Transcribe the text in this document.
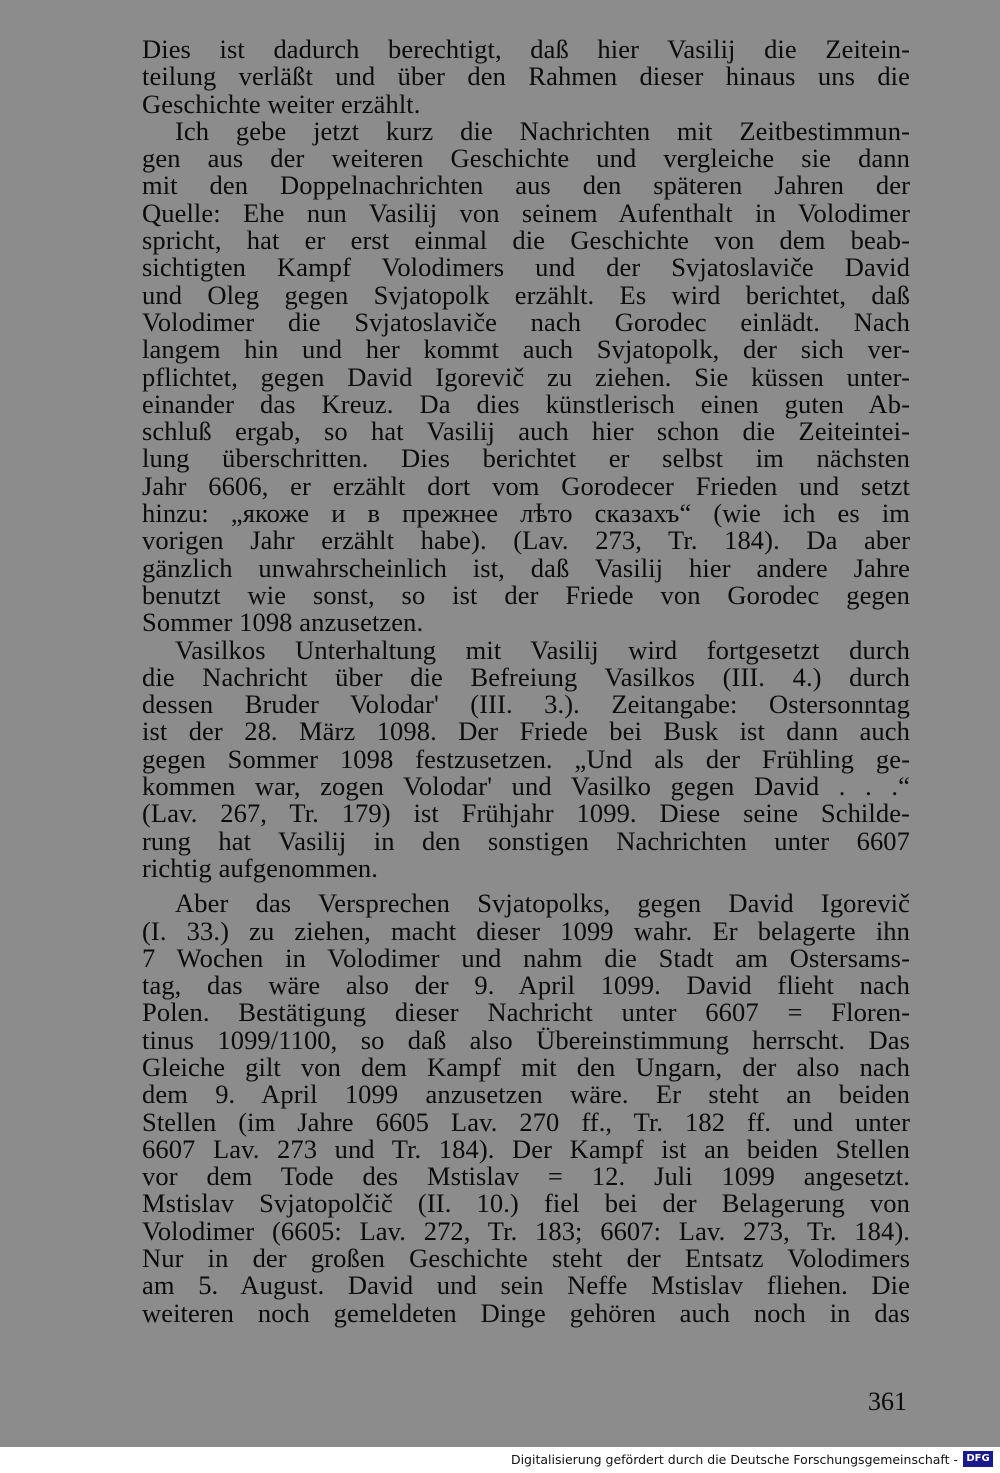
Dies ist dadurch berechtigt, daß hier Vasilij die Zeitein-
teilung verläßt und über den Rahmen dieser hinaus uns die
Geschichte weiter erzählt.
Ich gebe jetzt kurz die Nachrichten mit Zeitbestimmun-
gen aus der weiteren Geschichte und vergleiche sie dann
mit den Doppelnachrichten aus den späteren Jahren der
Quelle: Ehe nun Vasilij von seinem Aufenthalt in Volodimer
spricht, hat er erst einmal die Geschichte von dem beab-
sichtigten Kampf Volodimers und der Svjatoslaviče David
und Oleg gegen Svjatopolk erzählt. Es wird berichtet, daß
Volodimer die Svjatoslaviče nach Gorodec einlädt. Nach
langem hin und her kommt auch Svjatopolk, der sich ver-
pflichtet, gegen David Igorevič zu ziehen. Sie küssen unter-
einander das Kreuz. Da dies künstlerisch einen guten Ab-
schluß ergab, so hat Vasilij auch hier schon die Zeiteintei-
lung überschritten. Dies berichtet er selbst im nächsten
Jahr 6606, er erzählt dort vom Gorodecer Frieden und setzt
hinzu: „якоже и в прежнее лѣто сказахъ“ (wie ich es im
vorigen Jahr erzählt habe). (Lav. 273, Tr. 184). Da aber
gänzlich unwahrscheinlich ist, daß Vasilij hier andere Jahre
benutzt wie sonst, so ist der Friede von Gorodec gegen
Sommer 1098 anzusetzen.
Vasilkos Unterhaltung mit Vasilij wird fortgesetzt durch
die Nachricht über die Befreiung Vasilkos (III. 4.) durch
dessen Bruder Volodar' (III. 3.). Zeitangabe: Ostersonntag
ist der 28. März 1098. Der Friede bei Busk ist dann auch
gegen Sommer 1098 festzusetzen. „Und als der Frühling ge-
kommen war, zogen Volodar' und Vasilko gegen David . . .“
(Lav. 267, Tr. 179) ist Frühjahr 1099. Diese seine Schilde-
rung hat Vasilij in den sonstigen Nachrichten unter 6607
richtig aufgenommen.
Aber das Versprechen Svjatopolks, gegen David Igorevič
(I. 33.) zu ziehen, macht dieser 1099 wahr. Er belagerte ihn
7 Wochen in Volodimer und nahm die Stadt am Ostersams-
tag, das wäre also der 9. April 1099. David flieht nach
Polen. Bestätigung dieser Nachricht unter 6607 = Floren-
tinus 1099/1100, so daß also Übereinstimmung herrscht. Das
Gleiche gilt von dem Kampf mit den Ungarn, der also nach
dem 9. April 1099 anzusetzen wäre. Er steht an beiden
Stellen (im Jahre 6605 Lav. 270 ff., Tr. 182 ff. und unter
6607 Lav. 273 und Tr. 184). Der Kampf ist an beiden Stellen
vor dem Tode des Mstislav = 12. Juli 1099 angesetzt.
Mstislav Svjatopolčič (II. 10.) fiel bei der Belagerung von
Volodimer (6605: Lav. 272, Tr. 183; 6607: Lav. 273, Tr. 184).
Nur in der großen Geschichte steht der Entsatz Volodimers
am 5. August. David und sein Neffe Mstislav fliehen. Die
weiteren noch gemeldeten Dinge gehören auch noch in das
361
Digitalisierung gefördert durch die Deutsche Forschungsgemeinschaft - DFG
